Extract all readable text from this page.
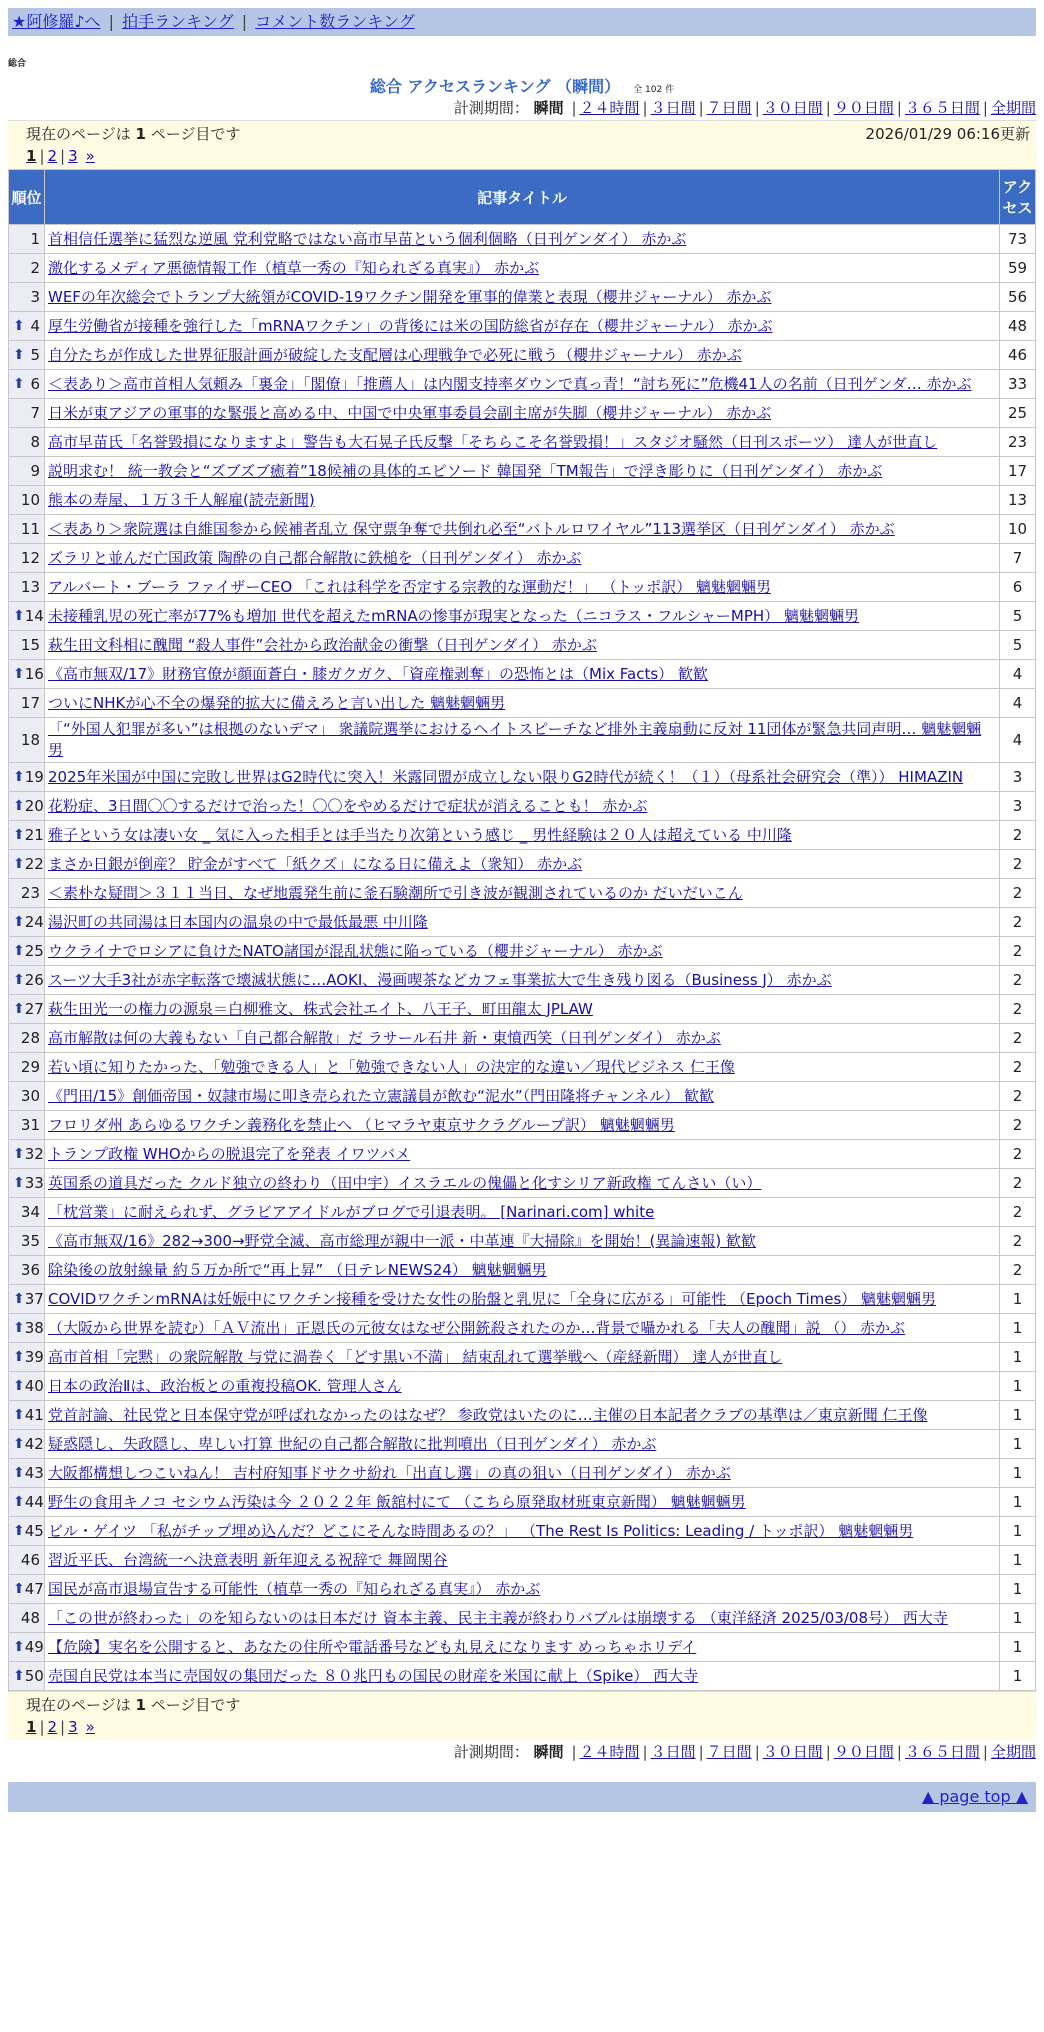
★阿修羅♪へ | 拍手ランキング | コメント数ランキング
総合
総合 アクセスランキング （瞬間） 全 102 件
計測期間： 瞬間 | ２４時間 | ３日間 | ７日間 | ３０日間 | ９０日間 | ３６５日間 | 全期間
現在のページは 1 ページ目です	2026/01/29 06:16更新
1 | 2 | 3 »
順位	記事タイトル	アクセス
1	首相信任選挙に猛烈な逆風 党利党略ではない高市早苗という個利個略（日刊ゲンダイ） 赤かぶ	73
2	激化するメディア悪徳情報工作（植草一秀の『知られざる真実』） 赤かぶ	59
3	WEFの年次総会でトランプ大統領がCOVID-19ワクチン開発を軍事的偉業と表現（櫻井ジャーナル） 赤かぶ	56

⬆ 4	厚生労働省が接種を強行した「mRNAワクチン」の背後には米の国防総省が存在（櫻井ジャーナル） 赤かぶ	48

⬆ 5	自分たちが作成した世界征服計画が破綻した支配層は心理戦争で必死に戦う（櫻井ジャーナル） 赤かぶ	46

⬆ 6	＜表あり＞高市首相人気頼み「裏金」「閣僚」「推薦人」は内閣支持率ダウンで真っ青！“討ち死に”危機41人の名前（日刊ゲンダ… 赤かぶ	33
7	日米が東アジアの軍事的な緊張と高める中、中国で中央軍事委員会副主席が失脚（櫻井ジャーナル） 赤かぶ	25
8	高市早苗氏「名誉毀損になりますよ」警告も大石晃子氏反撃「そちらこそ名誉毀損！」スタジオ騒然（日刊スポーツ） 達人が世直し	23
9	説明求む！ 統一教会と“ズブズブ癒着”18候補の具体的エピソード 韓国発「TM報告」で浮き彫りに（日刊ゲンダイ） 赤かぶ	17
10	熊本の寿屋、１万３千人解雇(読売新聞)	13
11	＜表あり＞衆院選は自維国参から候補者乱立 保守票争奪で共倒れ必至“バトルロワイヤル”113選挙区（日刊ゲンダイ） 赤かぶ	10
12	ズラリと並んだ亡国政策 陶酔の自己都合解散に鉄槌を（日刊ゲンダイ） 赤かぶ	7
13	アルバート・ブーラ ファイザーCEO 「これは科学を否定する宗教的な運動だ！」 （トッポ訳） 魑魅魍魎男	6

⬆ 14	未接種乳児の死亡率が77%も増加 世代を超えたmRNAの惨事が現実となった（ニコラス・フルシャーMPH） 魑魅魍魎男	5
15	萩生田文科相に醜聞 “殺人事件”会社から政治献金の衝撃（日刊ゲンダイ） 赤かぶ	5

⬆ 16	《高市無双/17》財務官僚が顔面蒼白・膝ガクガク、「資産権剥奪」の恐怖とは（Mix Facts） 歓歓	4
17	ついにNHKが心不全の爆発的拡大に備えろと言い出した 魑魅魍魎男	4
18	「“外国人犯罪が多い”は根拠のないデマ」 衆議院選挙におけるヘイトスピーチなど排外主義扇動に反対 11団体が緊急共同声明… 魑魅魍魎男	4

⬆ 19	2025年米国が中国に完敗し世界はG2時代に突入！米露同盟が成立しない限りG2時代が続く！（１）（母系社会研究会（準）） HIMAZIN	3

⬆ 20	花粉症、3日間〇〇するだけで治った！〇〇をやめるだけで症状が消えることも！ 赤かぶ	3

⬆ 21	雅子という女は凄い女 _ 気に入った相手とは手当たり次第という感じ _ 男性経験は２０人は超えている 中川隆	2

⬆ 22	まさか日銀が倒産？ 貯金がすべて「紙クズ」になる日に備えよ（衆知） 赤かぶ	2
23	＜素朴な疑問＞３１１当日、なぜ地震発生前に釜石験潮所で引き波が観測されているのか だいだいこん	2

⬆ 24	湯沢町の共同湯は日本国内の温泉の中で最低最悪 中川隆	2

⬆ 25	ウクライナでロシアに負けたNATO諸国が混乱状態に陥っている（櫻井ジャーナル） 赤かぶ	2

⬆ 26	スーツ大手3社が赤字転落で壊滅状態に…AOKI、漫画喫茶などカフェ事業拡大で生き残り図る（Business J） 赤かぶ	2

⬆ 27	萩生田光一の権力の源泉＝白柳雅文、株式会社エイト、八王子、町田龍太 JPLAW	2
28	高市解散は何の大義もない「自己都合解散」だ ラサール石井 新・東憤西笑（日刊ゲンダイ） 赤かぶ	2
29	若い頃に知りたかった、「勉強できる人」と「勉強できない人」の決定的な違い／現代ビジネス 仁王像	2
30	《門田/15》創価帝国・奴隷市場に叩き売られた立憲議員が飲む“泥水”（門田隆将チャンネル） 歓歓	2
31	フロリダ州 あらゆるワクチン義務化を禁止へ （ヒマラヤ東京サクラグループ訳） 魑魅魍魎男	2

⬆ 32	トランプ政権 WHOからの脱退完了を発表 イワツバメ	2

⬆ 33	英国系の道具だった クルド独立の終わり（田中宇）イスラエルの傀儡と化すシリア新政権 てんさい（い）	2
34	「枕営業」に耐えられず、グラビアアイドルがブログで引退表明。 [Narinari.com] white	2
35	《高市無双/16》282→300→野党全滅、高市総理が親中一派・中革連『大掃除』を開始！(異論速報) 歓歓	2
36	除染後の放射線量 約５万か所で“再上昇” （日テレNEWS24） 魑魅魍魎男	2

⬆ 37	COVIDワクチンmRNAは妊娠中にワクチン接種を受けた女性の胎盤と乳児に「全身に広がる」可能性 （Epoch Times） 魑魅魍魎男	1

⬆ 38	（大阪から世界を読む）「ＡＶ流出」正恩氏の元彼女はなぜ公開銃殺されたのか…背景で囁かれる「夫人の醜聞」説 （） 赤かぶ	1

⬆ 39	高市首相「完黙」の衆院解散 与党に渦巻く「どす黒い不満」 結束乱れて選挙戦へ（産経新聞） 達人が世直し	1

⬆ 40	日本の政治Ⅱは、政治板との重複投稿OK. 管理人さん	1

⬆ 41	党首討論、社民党と日本保守党が呼ばれなかったのはなぜ？ 参政党はいたのに…主催の日本記者クラブの基準は／東京新聞 仁王像	1

⬆ 42	疑惑隠し、失政隠し、卑しい打算 世紀の自己都合解散に批判噴出（日刊ゲンダイ） 赤かぶ	1

⬆ 43	大阪都構想しつこいねん！ 吉村府知事ドサクサ紛れ「出直し選」の真の狙い（日刊ゲンダイ） 赤かぶ	1

⬆ 44	野生の食用キノコ セシウム汚染は今 ２０２２年 飯舘村にて （こちら原発取材班東京新聞） 魑魅魍魎男	1

⬆ 45	ビル・ゲイツ 「私がチップ埋め込んだ？どこにそんな時間あるの？」 （The Rest Is Politics: Leading / トッポ訳） 魑魅魍魎男	1
46	習近平氏、台湾統一へ決意表明 新年迎える祝辞で 舞岡関谷	1

⬆ 47	国民が高市退場宣告する可能性（植草一秀の『知られざる真実』） 赤かぶ	1
48	「この世が終わった」のを知らないのは日本だけ 資本主義、民主主義が終わりバブルは崩壊する （東洋経済 2025/03/08号） 西大寺	1

⬆ 49	【危険】実名を公開すると、あなたの住所や電話番号なども丸見えになります めっちゃホリデイ	1

⬆ 50	売国自民党は本当に売国奴の集団だった ８０兆円もの国民の財産を米国に献上（Spike） 西大寺	1
現在のページは 1 ページ目です
1 | 2 | 3 »
計測期間： 瞬間 | ２４時間 | ３日間 | ７日間 | ３０日間 | ９０日間 | ３６５日間 | 全期間
▲ page top ▲
